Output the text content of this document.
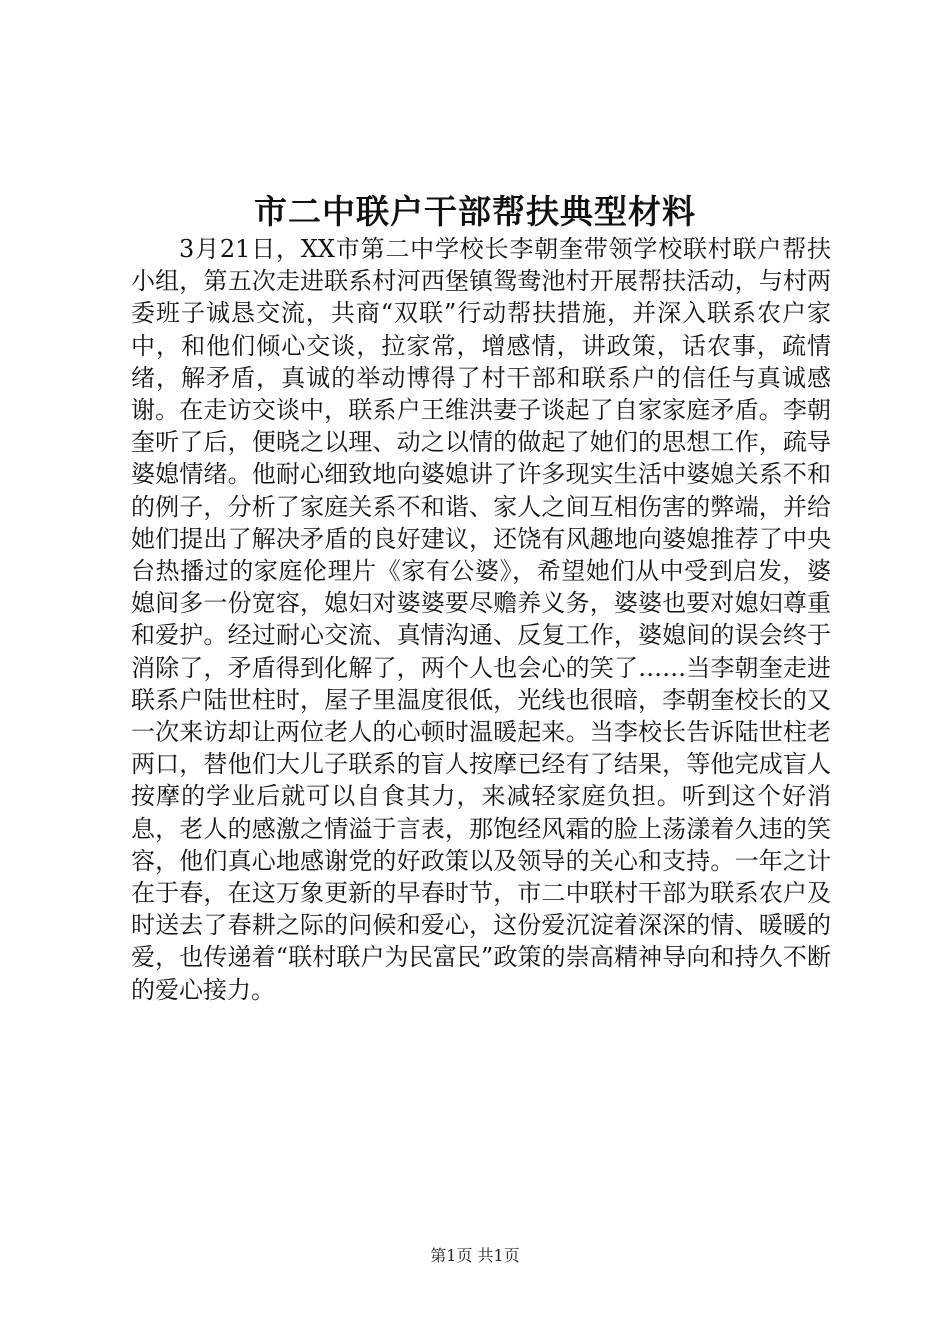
市二中联户干部帮扶典型材料

3月21日，XX市第二中学校长李朝奎带领学校联村联户帮扶小组，第五次走进联系村河西堡镇鸳鸯池村开展帮扶活动，与村两委班子诚恳交流，共商“双联”行动帮扶措施，并深入联系农户家中，和他们倾心交谈，拉家常，增感情，讲政策，话农事，疏情绪，解矛盾，真诚的举动博得了村干部和联系户的信任与真诚感谢。在走访交谈中，联系户王维洪妻子谈起了自家家庭矛盾。李朝奎听了后，便晓之以理、动之以情的做起了她们的思想工作，疏导婆媳情绪。他耐心细致地向婆媳讲了许多现实生活中婆媳关系不和的例子，分析了家庭关系不和谐、家人之间互相伤害的弊端，并给她们提出了解决矛盾的良好建议，还饶有风趣地向婆媳推荐了中央台热播过的家庭伦理片《家有公婆》，希望她们从中受到启发，婆媳间多一份宽容，媳妇对婆婆要尽赡养义务，婆婆也要对媳妇尊重和爱护。经过耐心交流、真情沟通、反复工作，婆媳间的误会终于消除了，矛盾得到化解了，两个人也会心的笑了……当李朝奎走进联系户陆世柱时，屋子里温度很低，光线也很暗，李朝奎校长的又一次来访却让两位老人的心顿时温暖起来。当李校长告诉陆世柱老两口，替他们大儿子联系的盲人按摩已经有了结果，等他完成盲人按摩的学业后就可以自食其力，来减轻家庭负担。听到这个好消息，老人的感激之情溢于言表，那饱经风霜的脸上荡漾着久违的笑容，他们真心地感谢党的好政策以及领导的关心和支持。一年之计在于春，在这万象更新的早春时节，市二中联村干部为联系农户及时送去了春耕之际的问候和爱心，这份爱沉淀着深深的情、暖暖的爱，也传递着“联村联户为民富民”政策的崇高精神导向和持久不断的爱心接力。

第1页 共1页
